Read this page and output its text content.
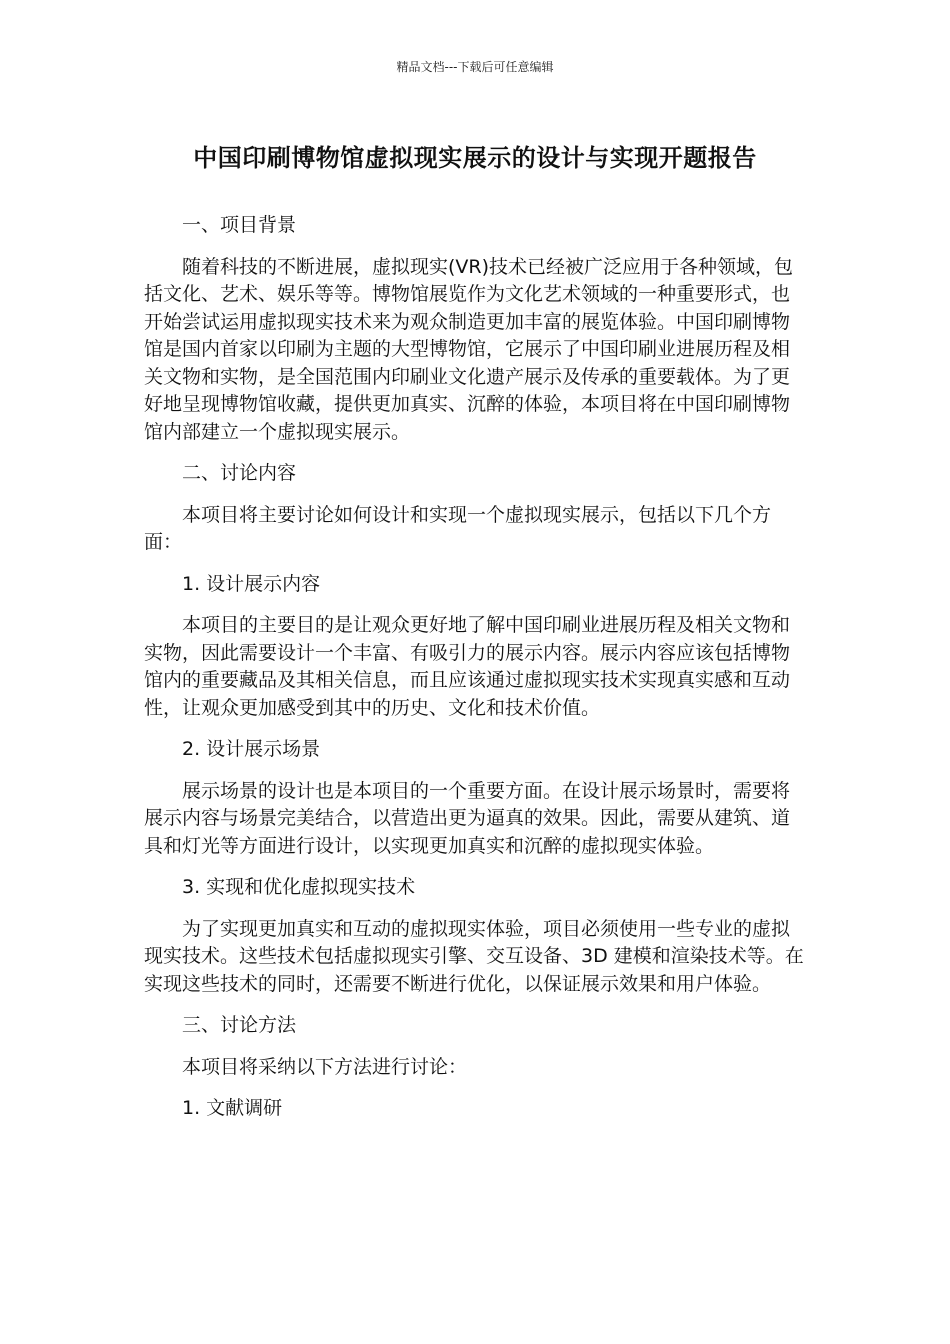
精品文档---下载后可任意编辑
中国印刷博物馆虚拟现实展示的设计与实现开题报告

一、项目背景

随着科技的不断进展，虚拟现实(VR)技术已经被广泛应用于各种领域，包括文化、艺术、娱乐等等。博物馆展览作为文化艺术领域的一种重要形式，也开始尝试运用虚拟现实技术来为观众制造更加丰富的展览体验。中国印刷博物馆是国内首家以印刷为主题的大型博物馆，它展示了中国印刷业进展历程及相关文物和实物，是全国范围内印刷业文化遗产展示及传承的重要载体。为了更好地呈现博物馆收藏，提供更加真实、沉醉的体验，本项目将在中国印刷博物馆内部建立一个虚拟现实展示。

二、讨论内容

本项目将主要讨论如何设计和实现一个虚拟现实展示，包括以下几个方面：

1. 设计展示内容

本项目的主要目的是让观众更好地了解中国印刷业进展历程及相关文物和实物，因此需要设计一个丰富、有吸引力的展示内容。展示内容应该包括博物馆内的重要藏品及其相关信息，而且应该通过虚拟现实技术实现真实感和互动性，让观众更加感受到其中的历史、文化和技术价值。

2. 设计展示场景

展示场景的设计也是本项目的一个重要方面。在设计展示场景时，需要将展示内容与场景完美结合，以营造出更为逼真的效果。因此，需要从建筑、道具和灯光等方面进行设计，以实现更加真实和沉醉的虚拟现实体验。

3. 实现和优化虚拟现实技术

为了实现更加真实和互动的虚拟现实体验，项目必须使用一些专业的虚拟现实技术。这些技术包括虚拟现实引擎、交互设备、3D 建模和渲染技术等。在实现这些技术的同时，还需要不断进行优化，以保证展示效果和用户体验。

三、讨论方法

本项目将采纳以下方法进行讨论：

1. 文献调研
